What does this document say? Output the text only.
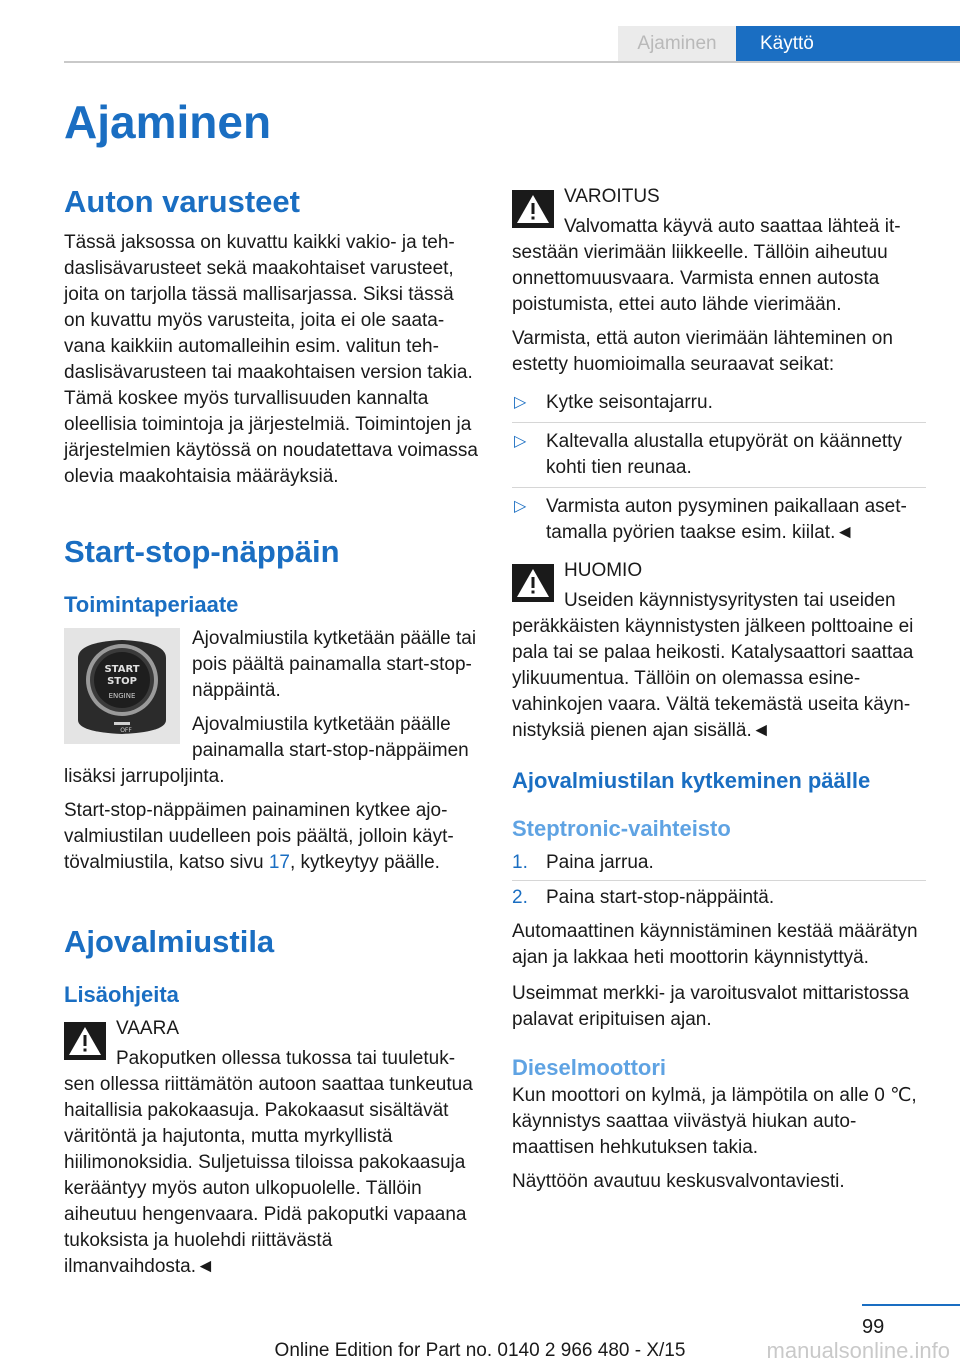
Ajaminen	Käyttö
Ajaminen
Auton varusteet

Tässä jaksossa on kuvattu kaikki vakio- ja tehdaslisävarusteet sekä maakohtaiset varusteet, joita on tarjolla tässä mallisarjassa. Siksi tässä on kuvattu myös varusteita, joita ei ole saatavana kaikkiin automalleihin esim. valitun tehdaslisävarusteen tai maakohtaisen version takia. Tämä koskee myös turvallisuuden kannalta oleellisia toimintoja ja järjestelmiä. Toimintojen ja järjestelmien käytössä on noudatettava voimassa olevia maakohtaisia määräyksiä.

Start-stop-näppäin
Toimintaperiaate
START
STOP
ENGINE
OFF

Ajovalmiustila kytketään päälle tai pois päältä painamalla start-stop-näppäintä.

Ajovalmiustila kytketään päälle painamalla start-stop-näppäimen lisäksi jarrupoljinta.

Start-stop-näppäimen painaminen kytkee ajovalmiustilan uudelleen pois päältä, jolloin käyttövalmiustila, katso sivu 17, kytkeytyy päälle.

Ajovalmiustila
Lisäohjeita

VAARA

Pakoputken ollessa tukossa tai tuuletuksen ollessa riittämätön autoon saattaa tunkeutua haitallisia pakokaasuja. Pakokaasut sisältävät väritöntä ja hajutonta, mutta myrkyllistä hiilimonoksidia. Suljetuissa tiloissa pakokaasuja kerääntyy myös auton ulkopuolelle. Tällöin aiheutuu hengenvaara. Pidä pakoputki vapaana tukoksista ja huolehdi riittävästä ilmanvaihdosta.◄

VAROITUS

Valvomatta käyvä auto saattaa lähteä itsestään vierimään liikkeelle. Tällöin aiheutuu onnettomuusvaara. Varmista ennen autosta poistumista, ettei auto lähde vierimään.

Varmista, että auton vierimään lähteminen on estetty huomioimalla seuraavat seikat:

▷ Kytke seisontajarru.
▷ Kaltevalla alustalla etupyörät on käännetty kohti tien reunaa.
▷ Varmista auton pysyminen paikallaan asettamalla pyörien taakse esim. kiilat.◄

HUOMIO

Useiden käynnistysyritysten tai useiden peräkkäisten käynnistysten jälkeen polttoaine ei pala tai se palaa heikosti. Katalysaattori saattaa ylikuumentua. Tällöin on olemassa esinevahinkojen vaara. Vältä tekemästä useita käynnistyksiä pienen ajan sisällä.◄

Ajovalmiustilan kytkeminen päälle
Steptronic-vaihteisto
1. Paina jarrua.
2. Paina start-stop-näppäintä.

Automaattinen käynnistäminen kestää määrätyn ajan ja lakkaa heti moottorin käynnistyttyä.

Useimmat merkki- ja varoitusvalot mittaristossa palavat eripituisen ajan.

Dieselmoottori

Kun moottori on kylmä, ja lämpötila on alle 0 ℃, käynnistys saattaa viivästyä hiukan automaattisen hehkutuksen takia.

Näyttöön avautuu keskusvalvontaviesti.

99
Online Edition for Part no. 0140 2 966 480 - X/15	manualsonline.info
